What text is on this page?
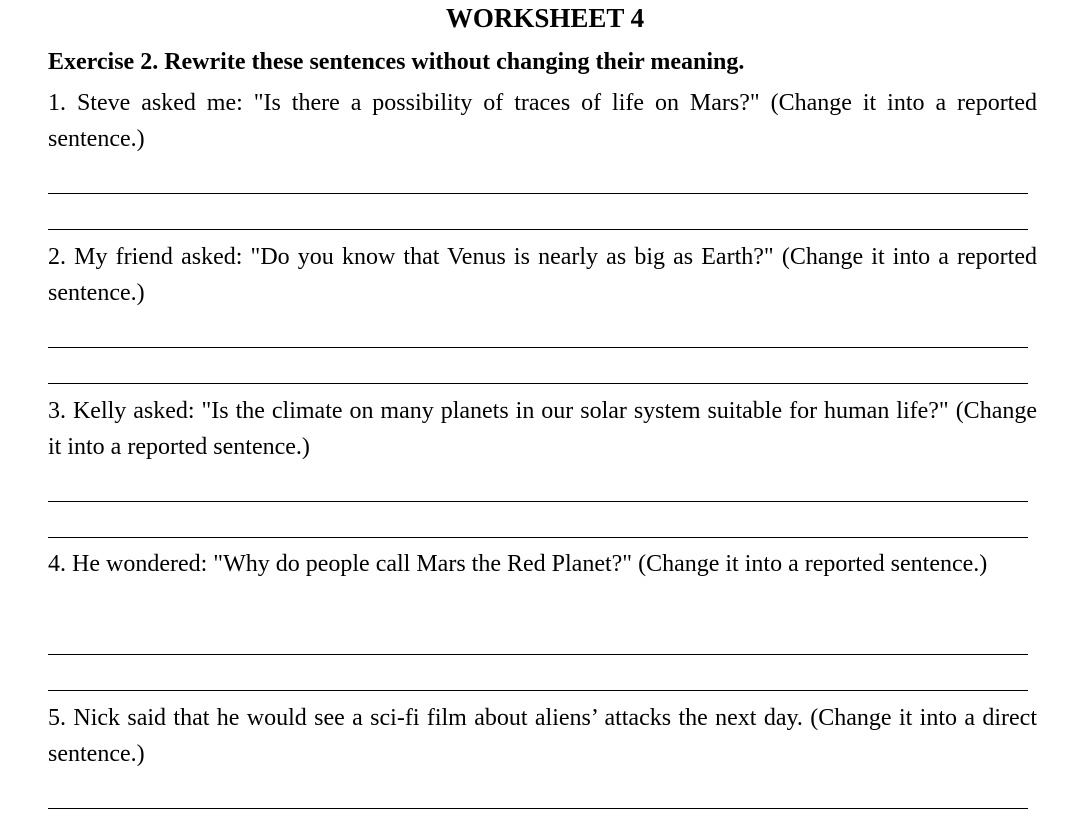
WORKSHEET 4

Exercise 2. Rewrite these sentences without changing their meaning.

1. Steve asked me: "Is there a possibility of traces of life on Mars?" (Change it into a reported sentence.)

2. My friend asked: "Do you know that Venus is nearly as big as Earth?" (Change it into a reported sentence.)

3. Kelly asked: "Is the climate on many planets in our solar system suitable for human life?" (Change it into a reported sentence.)

4. He wondered: "Why do people call Mars the Red Planet?" (Change it into a reported sentence.)

5. Nick said that he would see a sci-fi film about aliens’ attacks the next day. (Change it into a direct sentence.)
